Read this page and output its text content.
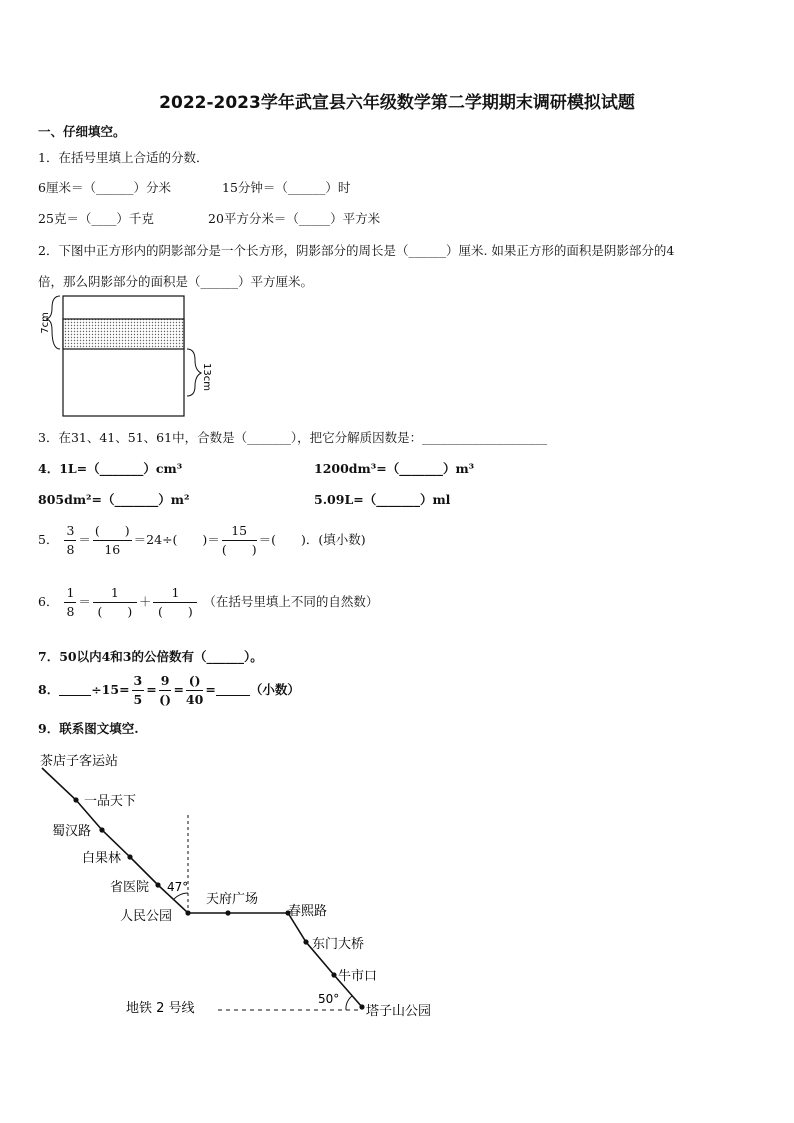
2022-2023学年武宣县六年级数学第二学期期末调研模拟试题
一、仔细填空。
1．在括号里填上合适的分数．
6厘米＝（______）分米	15分钟＝（______）时
25克＝（____）千克	20平方分米＝（_____）平方米
2．下图中正方形内的阴影部分是一个长方形，阴影部分的周长是（______）厘米. 如果正方形的面积是阴影部分的4
倍，那么阴影部分的面积是（______）平方厘米。
7cm
13cm
3．在31、41、51、61中，合数是（_______），把它分解质因数是：____________________
4．1L=（_______）cm³	1200dm³=（_______）m³
805dm²=（_______）m²	5.09L=（_______）ml
5． $\frac{3}{8} = \frac{( )}{16} =24\div$(　　)＝ $\frac{15}{( )}$ ＝(　　)．(填小数)
6． $\frac{1}{8} = \frac{1}{( )} + \frac{1}{( )}$ （在括号里填上不同的自然数）
7．50以内4和3的公倍数有（______）。
8．	$\div 15= \frac{3}{5} = \frac{9}{()} = \frac{()}{40}$ =	（小数）
9．联系图文填空.
茶店子客运站
一品天下
蜀汉路
白果林
省医院
人民公园
天府广场
春熙路
东门大桥
牛市口
塔子山公园
47°
50°
地铁 2 号线
